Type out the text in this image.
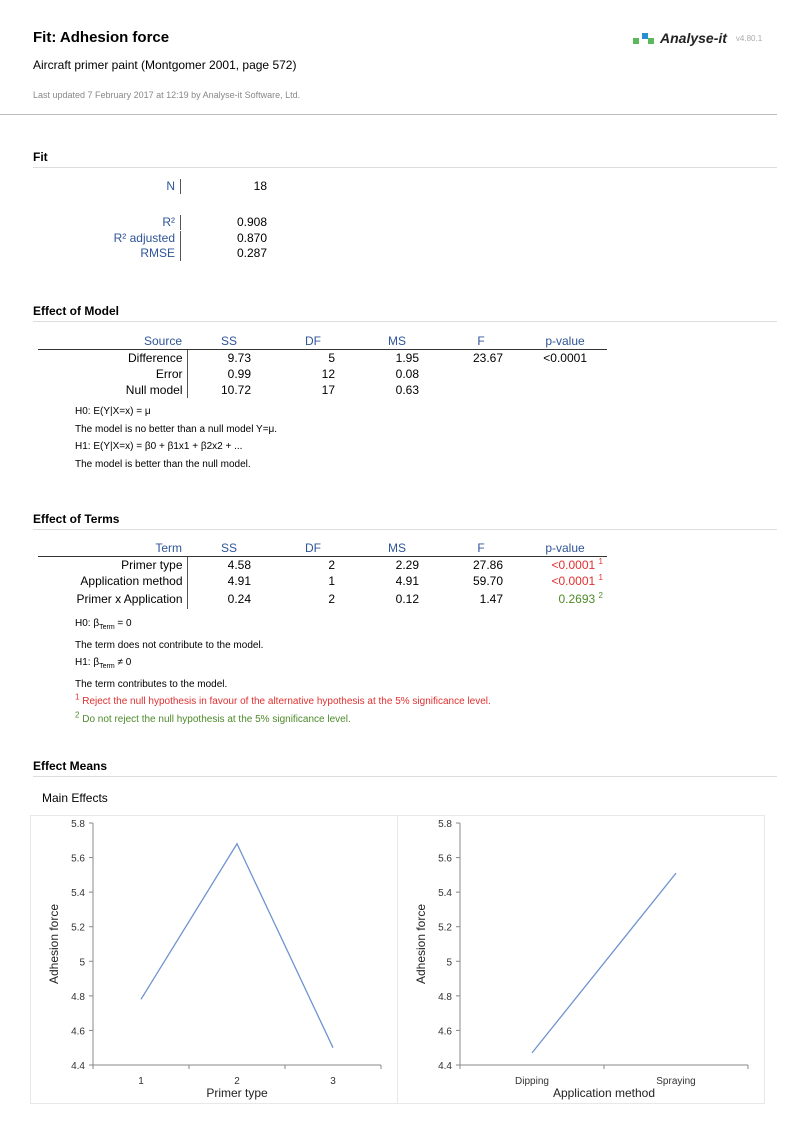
Fit: Adhesion force
Aircraft primer paint (Montgomer 2001, page 572)
Last updated 7 February 2017 at 12:19 by Analyse-it Software, Ltd.
Analyse-it v4.80.1
Fit
N	18
R²	0.908
R² adjusted	0.870
RMSE	0.287
Effect of Model
Source	SS	DF	MS	F	p-value
Difference	9.73	5	1.95	23.67	<0.0001
Error	0.99	12	0.08		
Null model	10.72	17	0.63		
H0: E(Y|X=x) = μ
The model is no better than a null model Y=μ.
H1: E(Y|X=x) = β0 + β1x1 + β2x2 + ...
The model is better than the null model.
Effect of Terms
Term	SS	DF	MS	F	p-value
Primer type	4.58	2	2.29	27.86	<0.0001 $^1$
Application method	4.91	1	4.91	59.70	<0.0001 $^1$
Primer x Application	0.24	2	0.12	1.47	0.2693 $^2$
H0: $\beta_{Term} = 0$
The term does not contribute to the model.
H1: $\beta_{Term} \ne 0$
The term contributes to the model.
$^1$ Reject the null hypothesis in favour of the alternative hypothesis at the 5% significance level.
$^2$ Do not reject the null hypothesis at the 5% significance level.
Effect Means
Main Effects
4.4
4.6
4.8
5
5.2
5.4
5.6
5.8
1	2	3
Primer type
Adhesion force
4.4
4.6
4.8
5
5.2
5.4
5.6
5.8
Dipping	Spraying
Application method
Adhesion force
